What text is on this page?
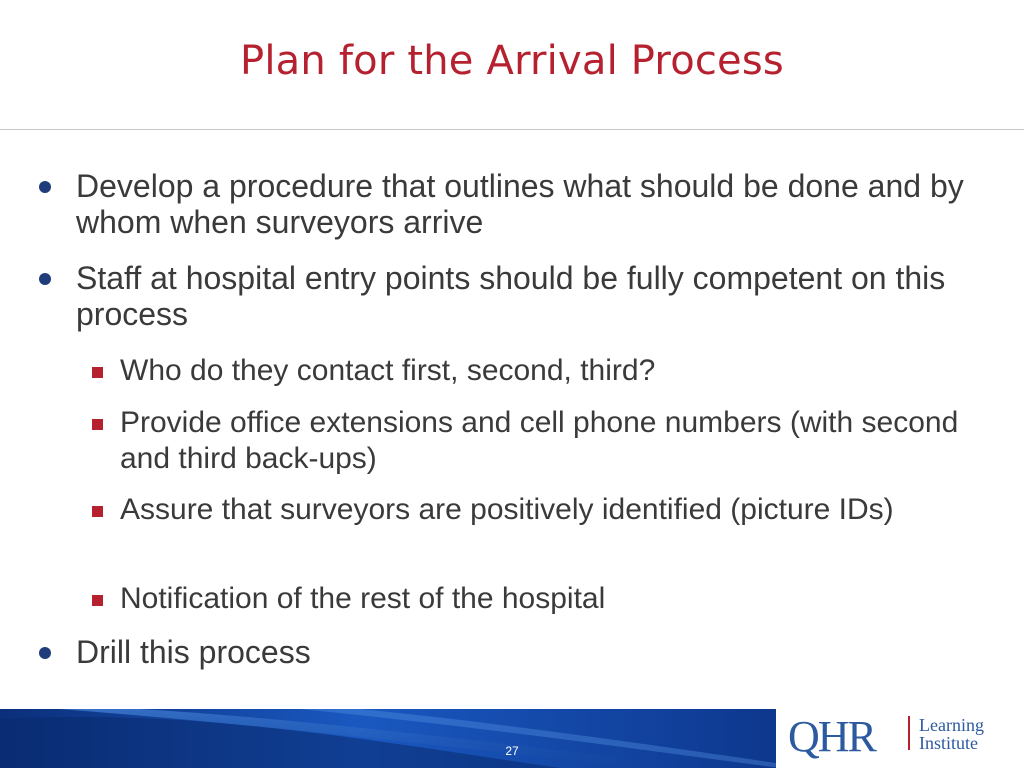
Plan for the Arrival Process
Develop a procedure that outlines what should be done and by whom when surveyors arrive
Staff at hospital entry points should be fully competent on this process
Who do they contact first, second, third?
Provide office extensions and cell phone numbers (with second and third back-ups)
Assure that surveyors are positively identified (picture IDs)
Notification of the rest of the hospital
Drill this process
27	QHR Learning
Institute
